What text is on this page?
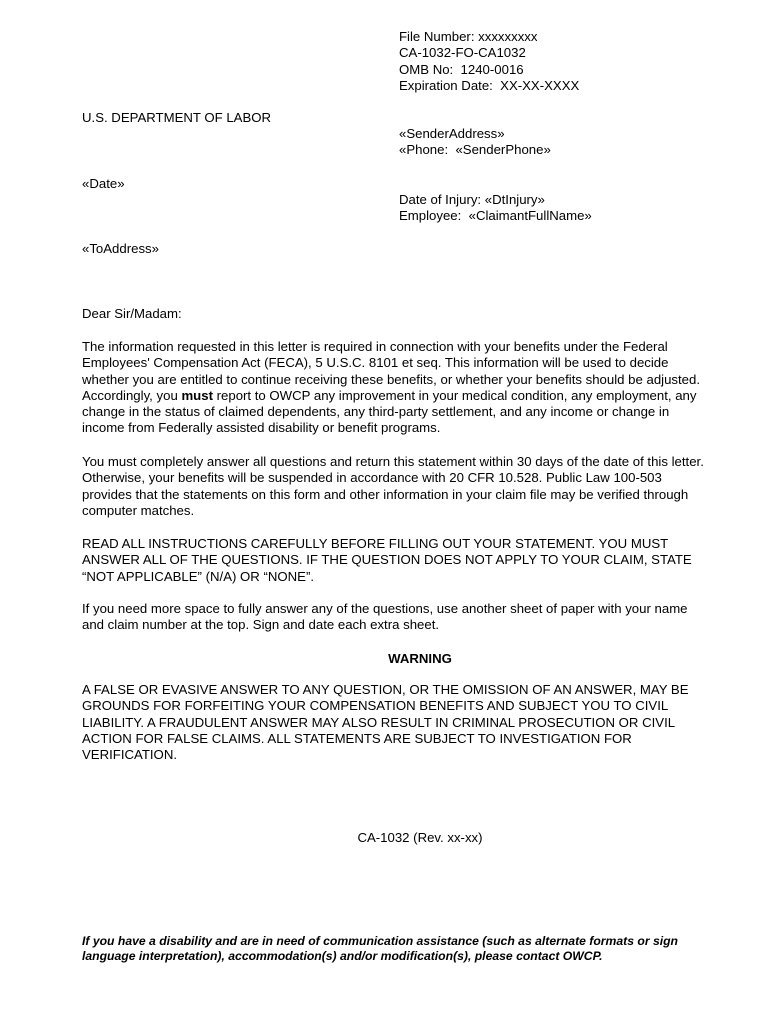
File Number: xxxxxxxxx
CA-1032-FO-CA1032
OMB No:  1240-0016
Expiration Date:  XX-XX-XXXX
U.S. DEPARTMENT OF LABOR
«SenderAddress»
«Phone:  «SenderPhone»
«Date»
Date of Injury: «DtInjury»
Employee:  «ClaimantFullName»
«ToAddress»
Dear Sir/Madam:

The information requested in this letter is required in connection with your benefits under the Federal Employees' Compensation Act (FECA), 5 U.S.C. 8101 et seq. This information will be used to decide whether you are entitled to continue receiving these benefits, or whether your benefits should be adjusted. Accordingly, you must report to OWCP any improvement in your medical condition, any employment, any change in the status of claimed dependents, any third-party settlement, and any income or change in income from Federally assisted disability or benefit programs.

You must completely answer all questions and return this statement within 30 days of the date of this letter. Otherwise, your benefits will be suspended in accordance with 20 CFR 10.528. Public Law 100-503 provides that the statements on this form and other information in your claim file may be verified through computer matches.
READ ALL INSTRUCTIONS CAREFULLY BEFORE FILLING OUT YOUR STATEMENT. YOU MUST ANSWER ALL OF THE QUESTIONS. IF THE QUESTION DOES NOT APPLY TO YOUR CLAIM, STATE “NOT APPLICABLE” (N/A) OR “NONE”.
If you need more space to fully answer any of the questions, use another sheet of paper with your name and claim number at the top. Sign and date each extra sheet.
WARNING
A FALSE OR EVASIVE ANSWER TO ANY QUESTION, OR THE OMISSION OF AN ANSWER, MAY BE GROUNDS FOR FORFEITING YOUR COMPENSATION BENEFITS AND SUBJECT YOU TO CIVIL LIABILITY. A FRAUDULENT ANSWER MAY ALSO RESULT IN CRIMINAL PROSECUTION OR CIVIL ACTION FOR FALSE CLAIMS. ALL STATEMENTS ARE SUBJECT TO INVESTIGATION FOR VERIFICATION.
CA-1032 (Rev. xx-xx)
If you have a disability and are in need of communication assistance (such as alternate formats or sign language interpretation), accommodation(s) and/or modification(s), please contact OWCP.
